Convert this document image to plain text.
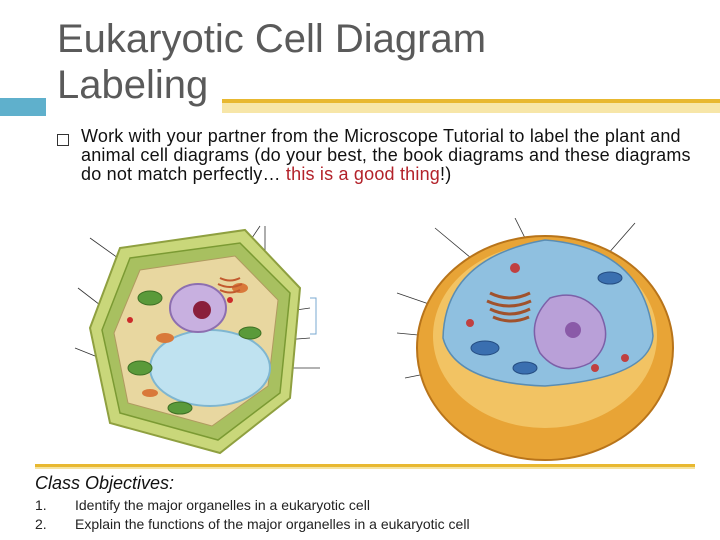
Eukaryotic Cell Diagram
Labeling
Work with your partner from the Microscope Tutorial to label the plant and animal cell diagrams (do your best, the book diagrams and these diagrams do not match perfectly… this is a good thing!)
Class Objectives:
1.	Identify the major organelles in a eukaryotic cell
2.	Explain the functions of the major organelles in a eukaryotic cell
